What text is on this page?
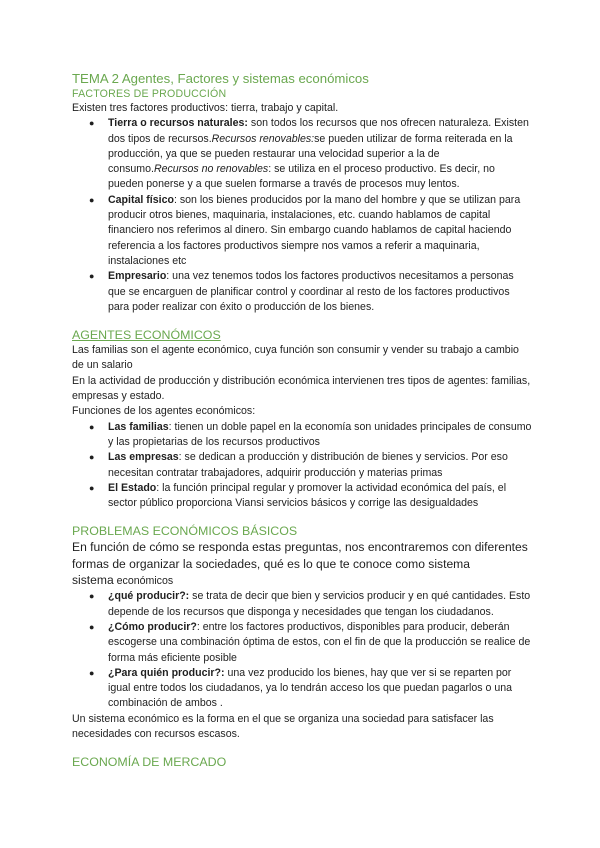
TEMA 2 Agentes, Factores y sistemas económicos
FACTORES DE PRODUCCIÓN

Existen tres factores productivos: tierra, trabajo y capital.

● Tierra o recursos naturales: son todos los recursos que nos ofrecen naturaleza. Existen dos tipos de recursos.Recursos renovables:se pueden utilizar de forma reiterada en la producción, ya que se pueden restaurar una velocidad superior a la de consumo.Recursos no renovables: se utiliza en el proceso productivo. Es decir, no pueden ponerse y a que suelen formarse a través de procesos muy lentos.
● Capital físico: son los bienes producidos por la mano del hombre y que se utilizan para producir otros bienes, maquinaria, instalaciones, etc. cuando hablamos de capital financiero nos referimos al dinero. Sin embargo cuando hablamos de capital haciendo referencia a los factores productivos siempre nos vamos a referir a maquinaria, instalaciones etc
● Empresario: una vez tenemos todos los factores productivos necesitamos a personas que se encarguen de planificar control y coordinar al resto de los factores productivos para poder realizar con éxito o producción de los bienes.
AGENTES ECONÓMICOS

Las familias son el agente económico, cuya función son consumir y vender su trabajo a cambio de un salario

En la actividad de producción y distribución económica intervienen tres tipos de agentes: familias, empresas y estado.

Funciones de los agentes económicos:

● Las familias: tienen un doble papel en la economía son unidades principales de consumo y las propietarias de los recursos productivos
● Las empresas: se dedican a producción y distribución de bienes y servicios. Por eso necesitan contratar trabajadores, adquirir producción y materias primas
● El Estado: la función principal regular y promover la actividad económica del país, el sector público proporciona Viansi servicios básicos y corrige las desigualdades
PROBLEMAS ECONÓMICOS BÁSICOS

En función de cómo se responda estas preguntas, nos encontraremos con diferentes formas de organizar la sociedades, qué es lo que te conoce como sistema

sistema económicos

● ¿qué producir?: se trata de decir que bien y servicios producir y en qué cantidades. Esto depende de los recursos que disponga y necesidades que tengan los ciudadanos.
● ¿Cómo producir?: entre los factores productivos, disponibles para producir, deberán escogerse una combinación óptima de estos, con el fin de que la producción se realice de forma más eficiente posible
● ¿Para quién producir?: una vez producido los bienes, hay que ver si se reparten por igual entre todos los ciudadanos, ya lo tendrán acceso los que puedan pagarlos o una combinación de ambos .

Un sistema económico es la forma en el que se organiza una sociedad para satisfacer las necesidades con recursos escasos.

ECONOMÍA DE MERCADO
